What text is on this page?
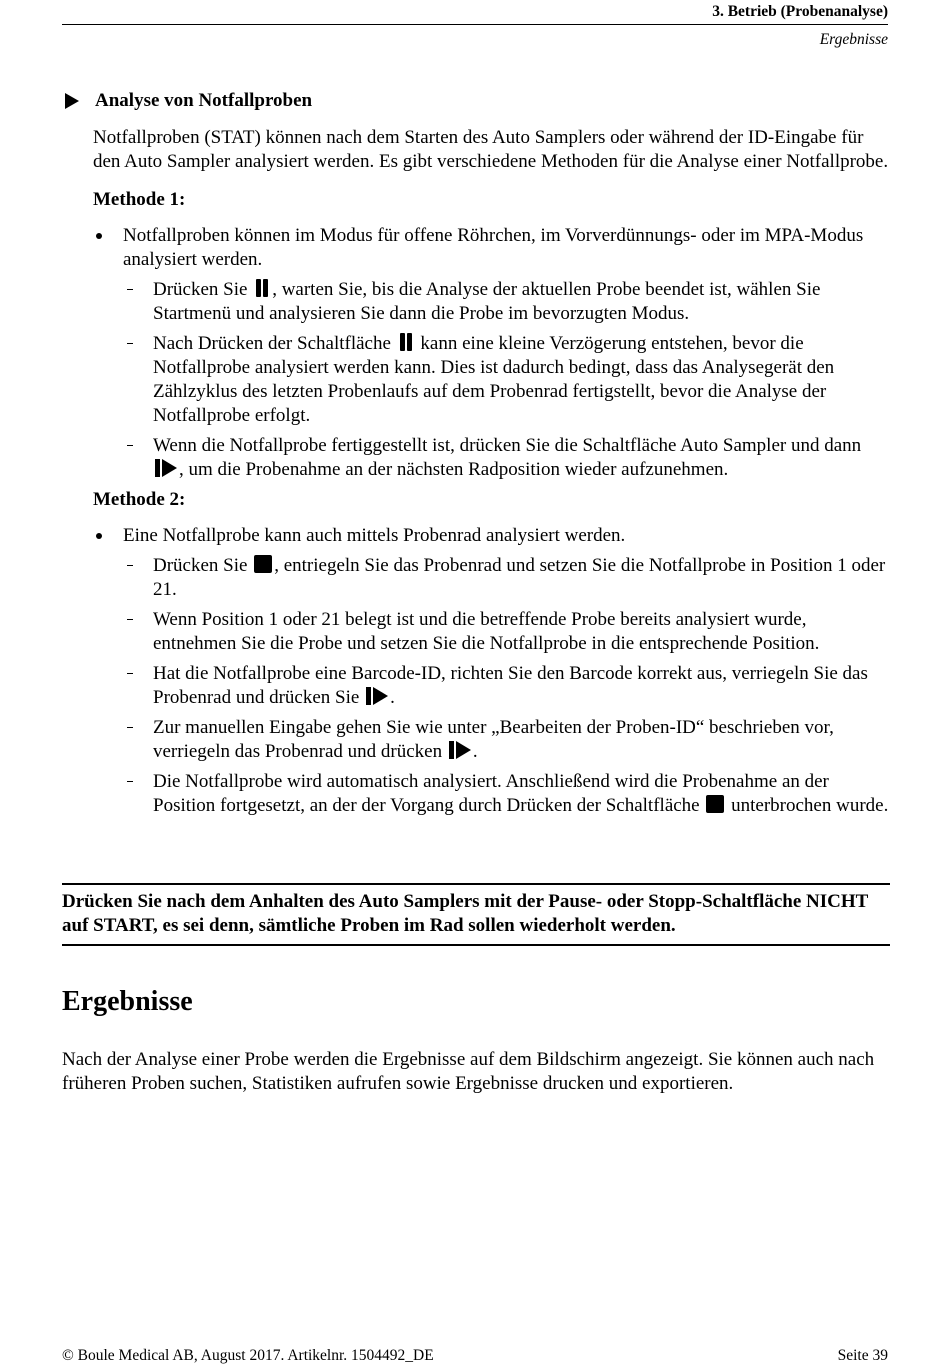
3. Betrieb (Probenanalyse)
Ergebnisse
Analyse von Notfallproben
Notfallproben (STAT) können nach dem Starten des Auto Samplers oder während der ID-Eingabe für den Auto Sampler analysiert werden. Es gibt verschiedene Methoden für die Analyse einer Notfallprobe.
Methode 1:
Notfallproben können im Modus für offene Röhrchen, im Vorverdünnungs- oder im MPA-Modus analysiert werden.
Drücken Sie , warten Sie, bis die Analyse der aktuellen Probe beendet ist, wählen Sie Startmenü und analysieren Sie dann die Probe im bevorzugten Modus.
Nach Drücken der Schaltfläche kann eine kleine Verzögerung entstehen, bevor die Notfallprobe analysiert werden kann. Dies ist dadurch bedingt, dass das Analysegerät den Zählzyklus des letzten Probenlaufs auf dem Probenrad fertigstellt, bevor die Analyse der Notfallprobe erfolgt.
Wenn die Notfallprobe fertiggestellt ist, drücken Sie die Schaltfläche Auto Sampler und dann
, um die Probenahme an der nächsten Radposition wieder aufzunehmen.
Methode 2:
Eine Notfallprobe kann auch mittels Probenrad analysiert werden.
Drücken Sie , entriegeln Sie das Probenrad und setzen Sie die Notfallprobe in Position 1 oder 21.
Wenn Position 1 oder 21 belegt ist und die betreffende Probe bereits analysiert wurde, entnehmen Sie die Probe und setzen Sie die Notfallprobe in die entsprechende Position.
Hat die Notfallprobe eine Barcode-ID, richten Sie den Barcode korrekt aus, verriegeln Sie das Probenrad und drücken Sie .
Zur manuellen Eingabe gehen Sie wie unter „Bearbeiten der Proben-ID“ beschrieben vor, verriegeln das Probenrad und drücken .
Die Notfallprobe wird automatisch analysiert. Anschließend wird die Probenahme an der Position fortgesetzt, an der der Vorgang durch Drücken der Schaltfläche unterbrochen wurde.
Drücken Sie nach dem Anhalten des Auto Samplers mit der Pause- oder Stopp-Schaltfläche NICHT auf START, es sei denn, sämtliche Proben im Rad sollen wiederholt werden.
Ergebnisse
Nach der Analyse einer Probe werden die Ergebnisse auf dem Bildschirm angezeigt. Sie können auch nach früheren Proben suchen, Statistiken aufrufen sowie Ergebnisse drucken und exportieren.
© Boule Medical AB, August 2017. Artikelnr. 1504492_DE	Seite 39
